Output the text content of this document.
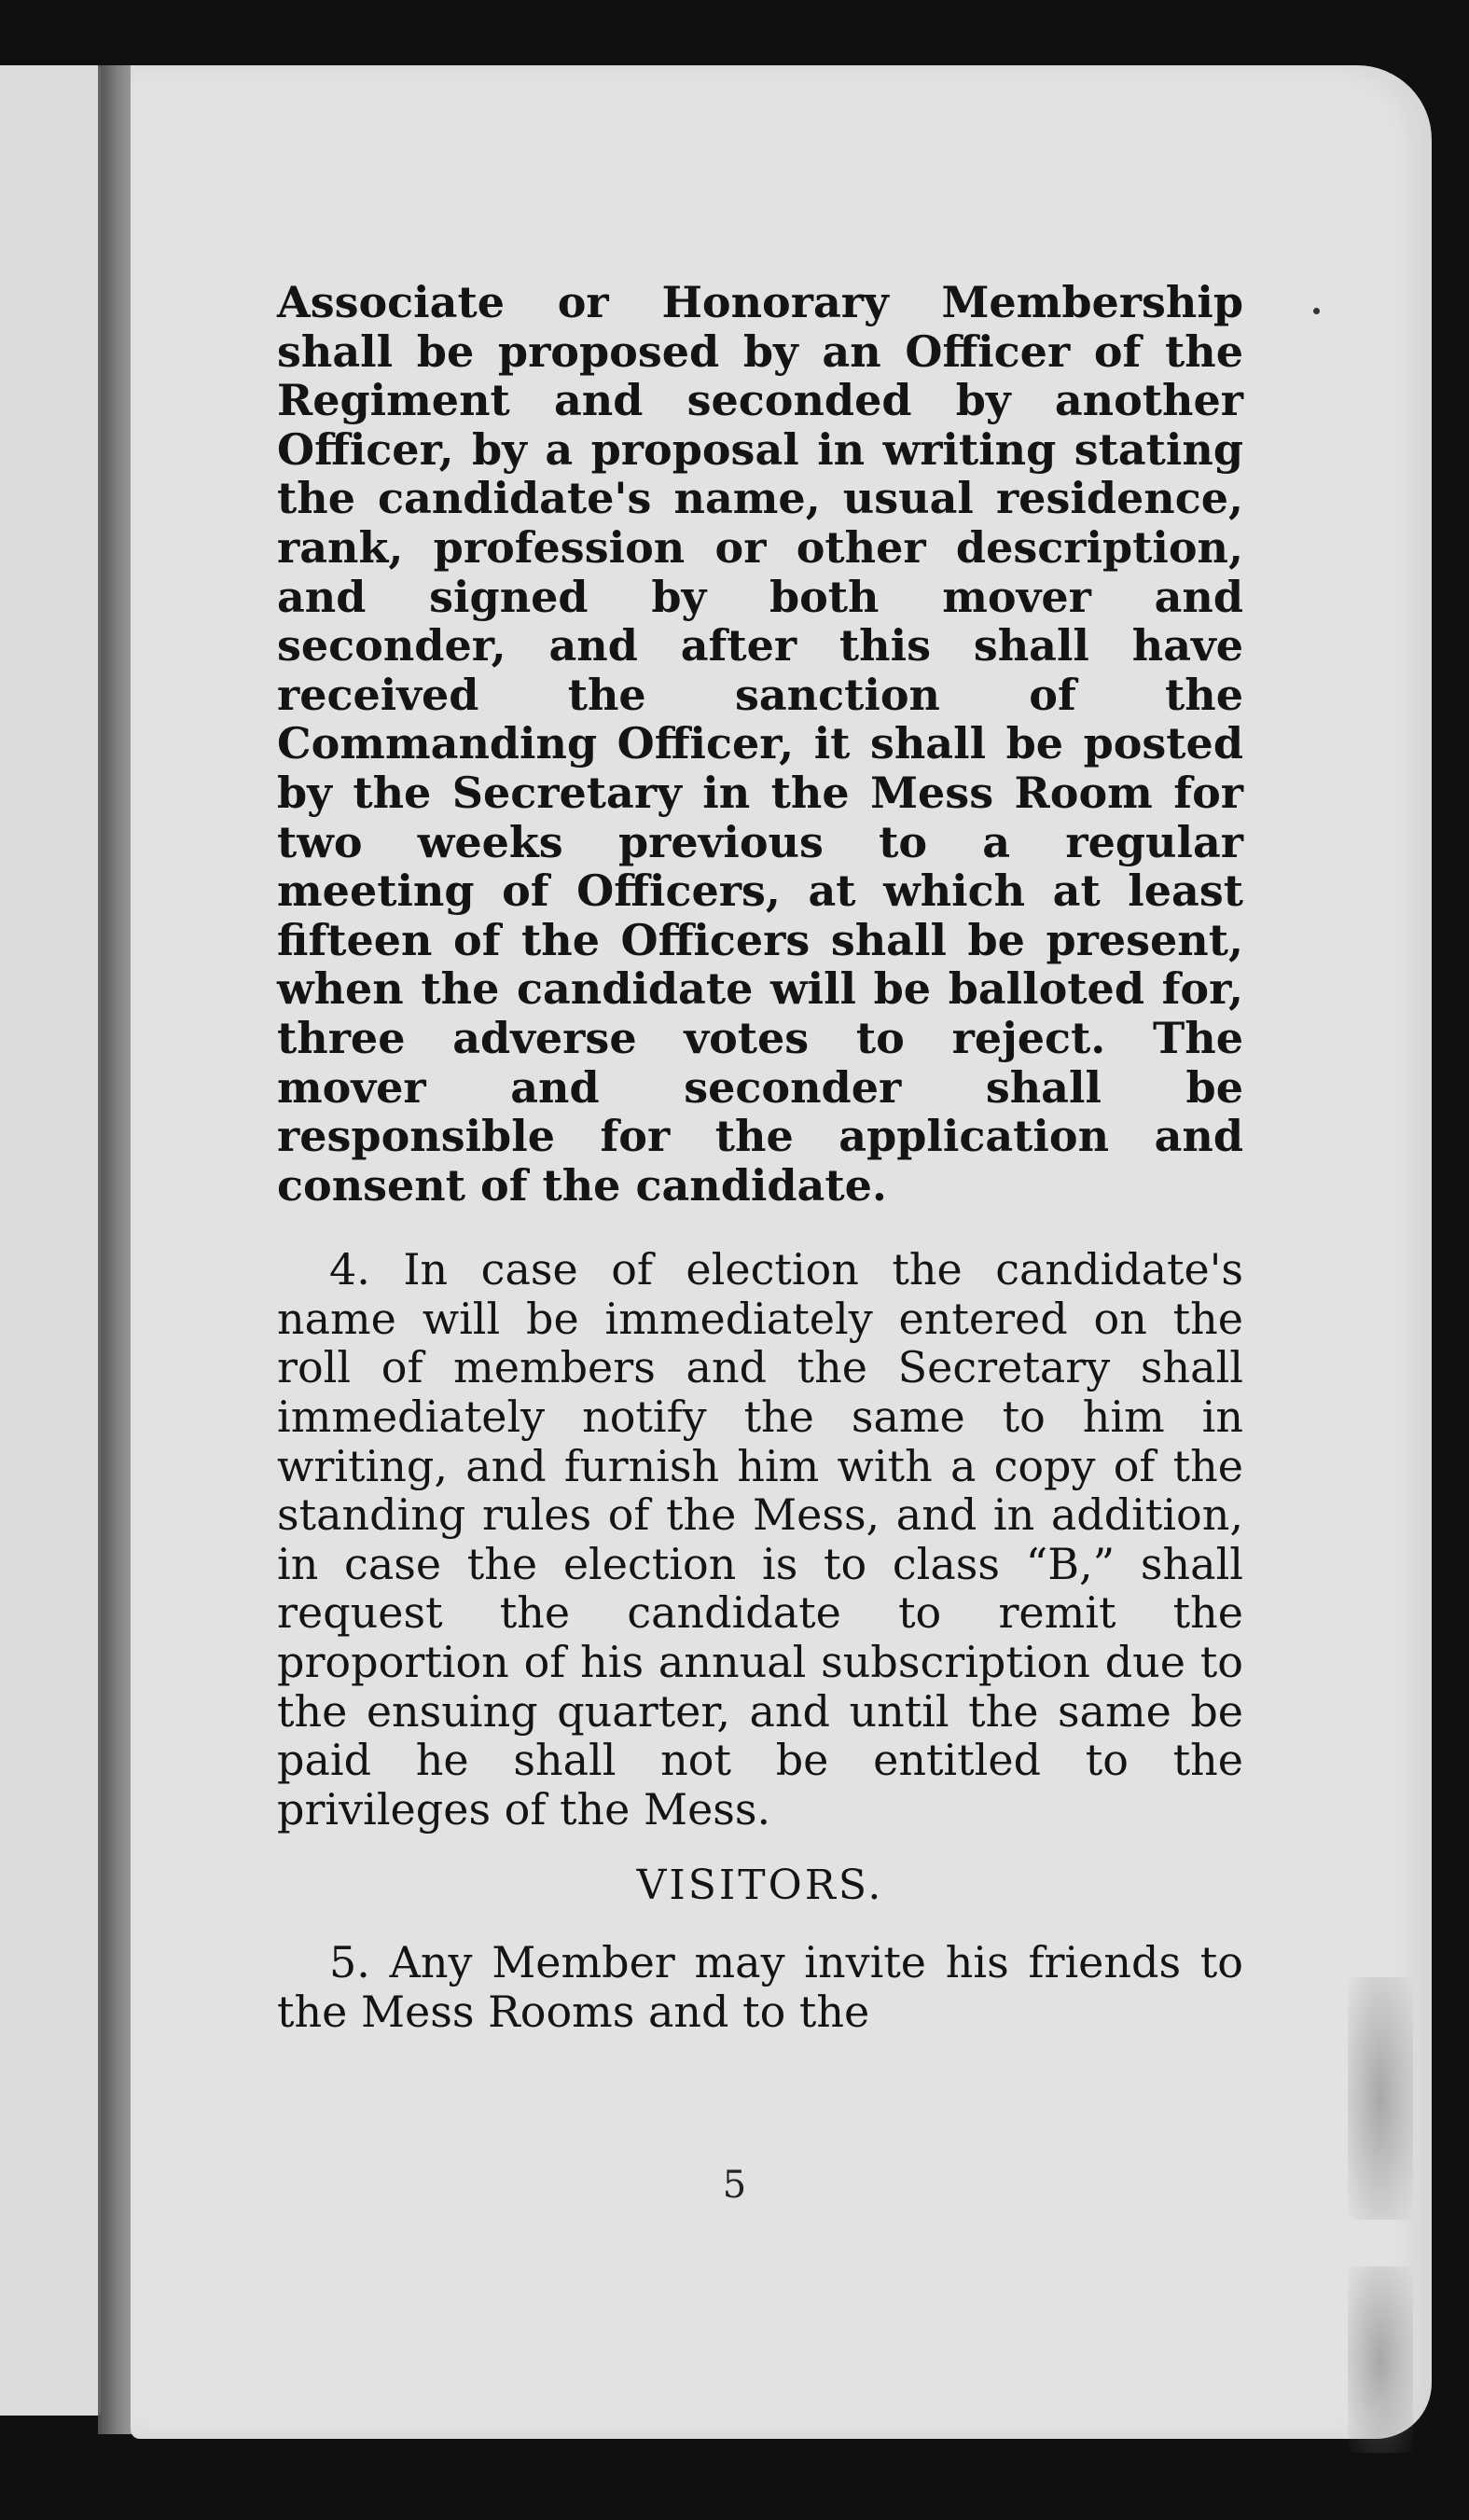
Associate or Honorary Membership shall be proposed by an Officer of the Regiment and seconded by another Officer, by a proposal in writing stating the candidate's name, usual residence, rank, profession or other description, and signed by both mover and seconder, and after this shall have received the sanction of the Commanding Officer, it shall be posted by the Secretary in the Mess Room for two weeks previous to a regular meeting of Officers, at which at least fifteen of the Officers shall be present, when the candidate will be balloted for, three adverse votes to reject. The mover and seconder shall be responsible for the application and consent of the candidate.

4. In case of election the candidate's name will be immediately entered on the roll of members and the Secretary shall immediately notify the same to him in writing, and furnish him with a copy of the standing rules of the Mess, and in addition, in case the election is to class “B,” shall request the candidate to remit the proportion of his annual subscription due to the ensuing quarter, and until the same be paid he shall not be entitled to the privileges of the Mess.

VISITORS.

5. Any Member may invite his friends to the Mess Rooms and to the

5
